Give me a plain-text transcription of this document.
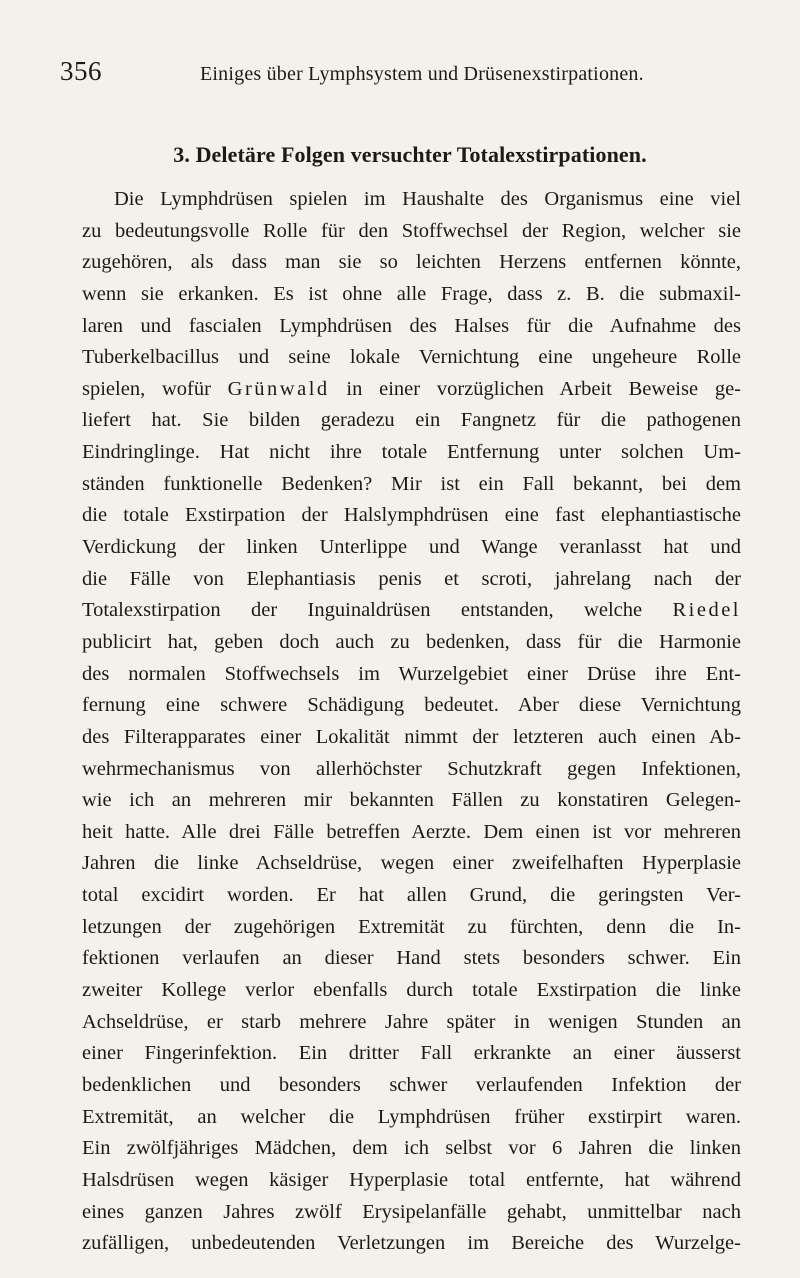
356	Einiges über Lymphsystem und Drüsenexstirpationen.
3. Deletäre Folgen versuchter Totalexstirpationen.
Die Lymphdrüsen spielen im Haushalte des Organismus eine viel
zu bedeutungsvolle Rolle für den Stoffwechsel der Region, welcher sie
zugehören, als dass man sie so leichten Herzens entfernen könnte,
wenn sie erkanken. Es ist ohne alle Frage, dass z. B. die submaxil-
laren und fascialen Lymphdrüsen des Halses für die Aufnahme des
Tuberkelbacillus und seine lokale Vernichtung eine ungeheure Rolle
spielen, wofür Grünwald in einer vorzüglichen Arbeit Beweise ge-
liefert hat. Sie bilden geradezu ein Fangnetz für die pathogenen
Eindringlinge. Hat nicht ihre totale Entfernung unter solchen Um-
ständen funktionelle Bedenken? Mir ist ein Fall bekannt, bei dem
die totale Exstirpation der Halslymphdrüsen eine fast elephantiastische
Verdickung der linken Unterlippe und Wange veranlasst hat und
die Fälle von Elephantiasis penis et scroti, jahrelang nach der
Totalexstirpation der Inguinaldrüsen entstanden, welche Riedel
publicirt hat, geben doch auch zu bedenken, dass für die Harmonie
des normalen Stoffwechsels im Wurzelgebiet einer Drüse ihre Ent-
fernung eine schwere Schädigung bedeutet. Aber diese Vernichtung
des Filterapparates einer Lokalität nimmt der letzteren auch einen Ab-
wehrmechanismus von allerhöchster Schutzkraft gegen Infektionen,
wie ich an mehreren mir bekannten Fällen zu konstatiren Gelegen-
heit hatte. Alle drei Fälle betreffen Aerzte. Dem einen ist vor mehreren
Jahren die linke Achseldrüse, wegen einer zweifelhaften Hyperplasie
total excidirt worden. Er hat allen Grund, die geringsten Ver-
letzungen der zugehörigen Extremität zu fürchten, denn die In-
fektionen verlaufen an dieser Hand stets besonders schwer. Ein
zweiter Kollege verlor ebenfalls durch totale Exstirpation die linke
Achseldrüse, er starb mehrere Jahre später in wenigen Stunden an
einer Fingerinfektion. Ein dritter Fall erkrankte an einer äusserst
bedenklichen und besonders schwer verlaufenden Infektion der
Extremität, an welcher die Lymphdrüsen früher exstirpirt waren.
Ein zwölfjähriges Mädchen, dem ich selbst vor 6 Jahren die linken
Halsdrüsen wegen käsiger Hyperplasie total entfernte, hat während
eines ganzen Jahres zwölf Erysipelanfälle gehabt, unmittelbar nach
zufälligen, unbedeutenden Verletzungen im Bereiche des Wurzelge-
